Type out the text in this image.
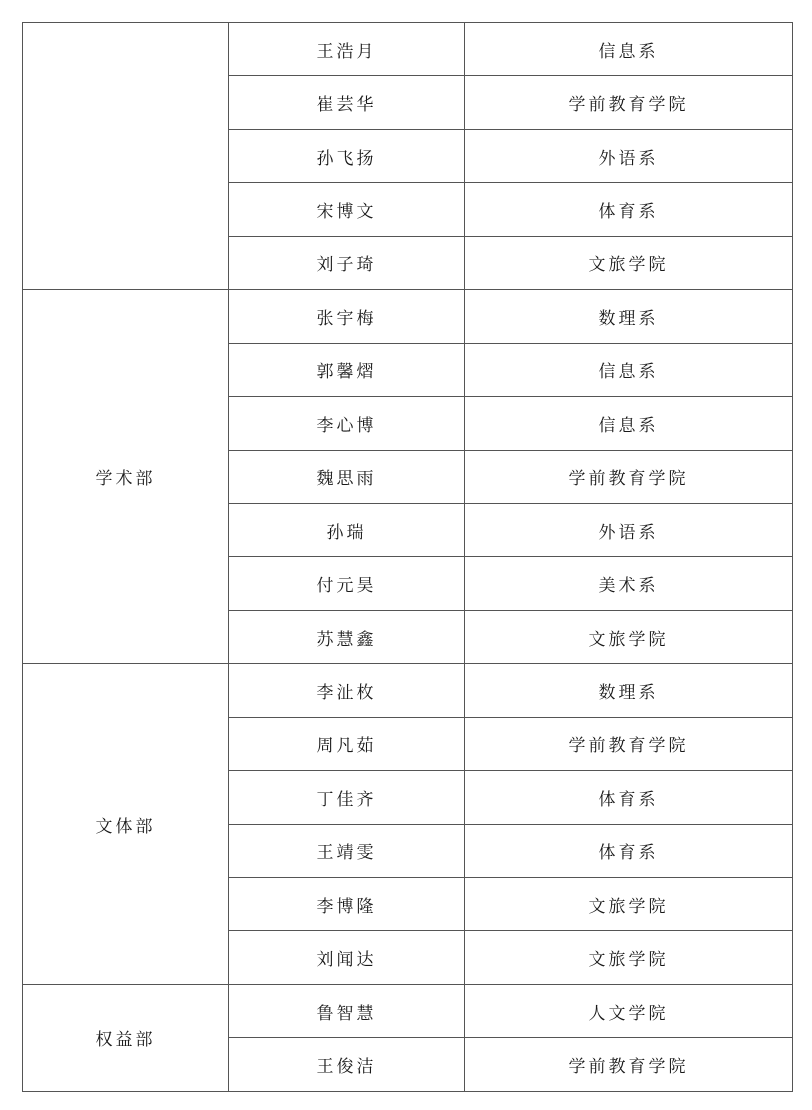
	王浩月	信息系
	崔芸华	学前教育学院
	孙飞扬	外语系
	宋博文	体育系
	刘子琦	文旅学院
学术部	张宇梅	数理系
	郭馨熠	信息系
	李心博	信息系
	魏思雨	学前教育学院
	孙瑞	外语系
	付元昊	美术系
	苏慧鑫	文旅学院
文体部	李沚枚	数理系
	周凡茹	学前教育学院
	丁佳齐	体育系
	王靖雯	体育系
	李博隆	文旅学院
	刘闻达	文旅学院
权益部	鲁智慧	人文学院
	王俊洁	学前教育学院
